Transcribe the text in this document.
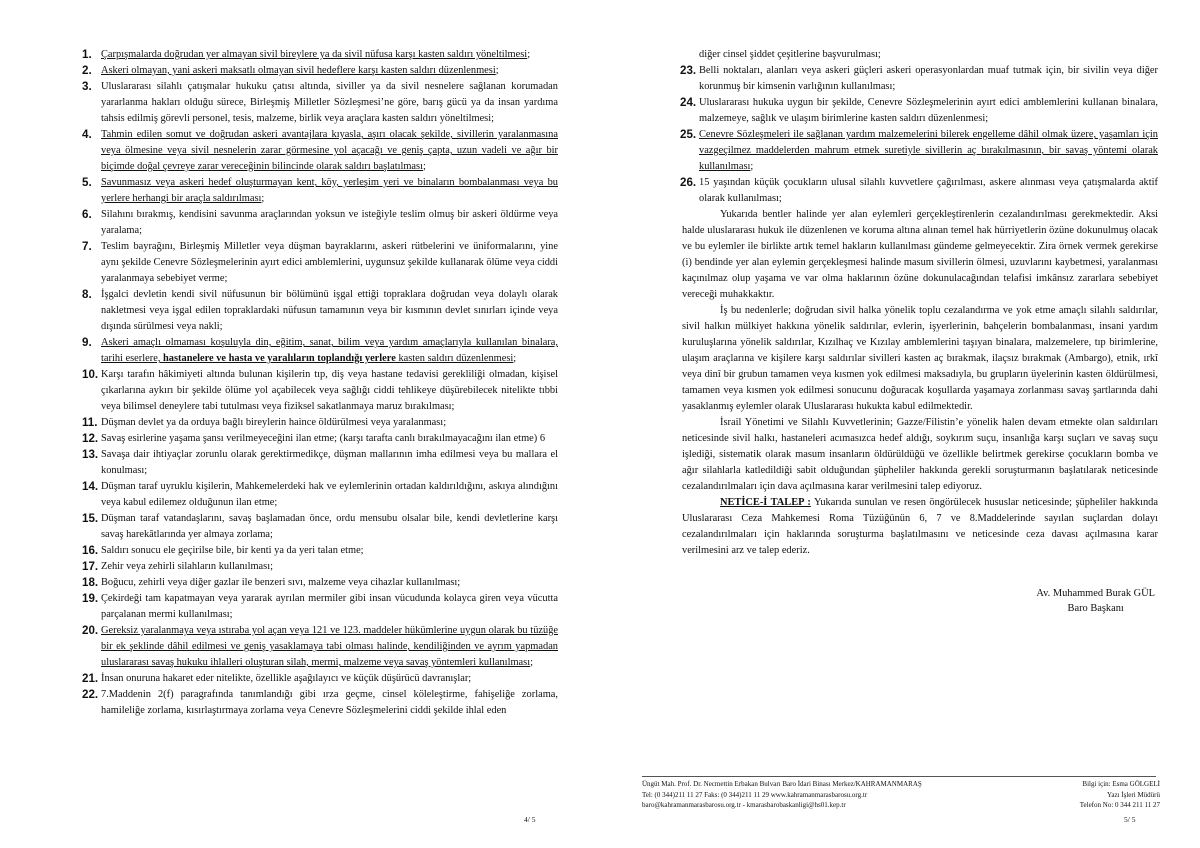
1. Çarpışmalarda doğrudan yer almayan sivil bireylere ya da sivil nüfusa karşı kasten saldırı yöneltilmesi;
2. Askeri olmayan, yani askeri maksatlı olmayan sivil hedeflere karşı kasten saldırı düzenlenmesi;
3. Uluslararası silahlı çatışmalar hukuku çatısı altında, siviller ya da sivil nesnelere sağlanan korumadan yararlanma hakları olduğu sürece, Birleşmiş Milletler Sözleşmesi’ne göre, barış gücü ya da insan yardıma tahsis edilmiş görevli personel, tesis, malzeme, birlik veya araçlara kasten saldırı yöneltilmesi;
4. Tahmin edilen somut ve doğrudan askeri avantajlara kıyasla, aşırı olacak şekilde, sivillerin yaralanmasına veya ölmesine veya sivil nesnelerin zarar görmesine yol açacağı ve geniş çapta, uzun vadeli ve ağır bir biçimde doğal çevreye zarar vereceğinin bilincinde olarak saldırı başlatılması;
5. Savunmasız veya askeri hedef oluşturmayan kent, köy, yerleşim yeri ve binaların bombalanması veya bu yerlere herhangi bir araçla saldırılması;
6. Silahını bırakmış, kendisini savunma araçlarından yoksun ve isteğiyle teslim olmuş bir askeri öldürme veya yaralama;
7. Teslim bayrağını, Birleşmiş Milletler veya düşman bayraklarını, askeri rütbelerini ve üniformalarını, yine aynı şekilde Cenevre Sözleşmelerinin ayırt edici amblemlerini, uygunsuz şekilde kullanarak ölüme veya ciddi yaralanmaya sebebiyet verme;
8. İşgalci devletin kendi sivil nüfusunun bir bölümünü işgal ettiği topraklara doğrudan veya dolaylı olarak nakletmesi veya işgal edilen topraklardaki nüfusun tamamının veya bir kısmının devlet sınırları içinde veya dışında sürülmesi veya nakli;
9. Askeri amaçlı olmaması koşuluyla din, eğitim, sanat, bilim veya yardım amaçlarıyla kullanılan binalara, tarihi eserlere, hastanelere ve hasta ve yaralıların toplandığı yerlere kasten saldırı düzenlenmesi;
10. Karşı tarafın hâkimiyeti altında bulunan kişilerin tıp, diş veya hastane tedavisi gerekliliği olmadan, kişisel çıkarlarına aykırı bir şekilde ölüme yol açabilecek veya sağlığı ciddi tehlikeye düşürebilecek nitelikte tıbbi veya bilimsel deneylere tabi tutulması veya fiziksel sakatlanmaya maruz bırakılması;
11. Düşman devlet ya da orduya bağlı bireylerin haince öldürülmesi veya yaralanması;
12. Savaş esirlerine yaşama şansı verilmeyeceğini ilan etme; (karşı tarafta canlı bırakılmayacağını ilan etme) 6
13. Savaşa dair ihtiyaçlar zorunlu olarak gerektirmedikçe, düşman mallarının imha edilmesi veya bu mallara el konulması;
14. Düşman taraf uyruklu kişilerin, Mahkemelerdeki hak ve eylemlerinin ortadan kaldırıldığını, askıya alındığını veya kabul edilemez olduğunun ilan etme;
15. Düşman taraf vatandaşlarını, savaş başlamadan önce, ordu mensubu olsalar bile, kendi devletlerine karşı savaş harekâtlarında yer almaya zorlama;
16. Saldırı sonucu ele geçirilse bile, bir kenti ya da yeri talan etme;
17. Zehir veya zehirli silahların kullanılması;
18. Boğucu, zehirli veya diğer gazlar ile benzeri sıvı, malzeme veya cihazlar kullanılması;
19. Çekirdeği tam kapatmayan veya yararak ayrılan mermiler gibi insan vücudunda kolayca giren veya vücutta parçalanan mermi kullanılması;
20. Gereksiz yaralanmaya veya ıstıraba yol açan veya 121 ve 123. maddeler hükümlerine uygun olarak bu tüzüğe bir ek şeklinde dâhil edilmesi ve geniş yasaklamaya tabi olması halinde, kendiliğinden ve ayrım yapmadan uluslararası savaş hukuku ihlalleri oluşturan silah, mermi, malzeme veya savaş yöntemleri kullanılması;
21. İnsan onuruna hakaret eder nitelikte, özellikle aşağılayıcı ve küçük düşürücü davranışlar;
22. 7.Maddenin 2(f) paragrafında tanımlandığı gibi ırza geçme, cinsel köleleştirme, fahişeliğe zorlama, hamileliğe zorlama, kısırlaştırmaya zorlama veya Cenevre Sözleşmelerini ciddi şekilde ihlal eden
4/ 5
diğer cinsel şiddet çeşitlerine başvurulması;
23. Belli noktaları, alanları veya askeri güçleri askeri operasyonlardan muaf tutmak için, bir sivilin veya diğer korunmuş bir kimsenin varlığının kullanılması;
24. Uluslararası hukuka uygun bir şekilde, Cenevre Sözleşmelerinin ayırt edici amblemlerini kullanan binalara, malzemeye, sağlık ve ulaşım birimlerine kasten saldırı düzenlenmesi;
25. Cenevre Sözleşmeleri ile sağlanan yardım malzemelerini bilerek engelleme dâhil olmak üzere, yaşamları için vazgeçilmez maddelerden mahrum etmek suretiyle sivillerin aç bırakılmasının, bir savaş yöntemi olarak kullanılması;
26. 15 yaşından küçük çocukların ulusal silahlı kuvvetlere çağırılması, askere alınması veya çatışmalarda aktif olarak kullanılması;

Yukarıda bentler halinde yer alan eylemleri gerçekleştirenlerin cezalandırılması gerekmektedir. Aksi halde uluslararası hukuk ile düzenlenen ve koruma altına alınan temel hak hürriyetlerin özüne dokunulmuş olacak ve bu eylemler ile birlikte artık temel hakların kullanılması gündeme gelmeyecektir. Zira örnek vermek gerekirse (i) bendinde yer alan eylemin gerçekleşmesi halinde masum sivillerin ölmesi, uzuvlarını kaybetmesi, yaralanması kaçınılmaz olup yaşama ve var olma haklarının özüne dokunulacağından telafisi imkânsız zararlara sebebiyet vereceği muhakkaktır.

İş bu nedenlerle; doğrudan sivil halka yönelik toplu cezalandırma ve yok etme amaçlı silahlı saldırılar, sivil halkın mülkiyet hakkına yönelik saldırılar, evlerin, işyerlerinin, bahçelerin bombalanması, insani yardım kuruluşlarına yönelik saldırılar, Kızılhaç ve Kızılay amblemlerini taşıyan binalara, malzemelere, tıp birimlerine, ulaşım araçlarına ve kişilere karşı saldırılar sivilleri kasten aç bırakmak, ilaçsız bırakmak (Ambargo), etnik, ırkî veya dinî bir grubun tamamen veya kısmen yok edilmesi maksadıyla, bu grupların üyelerinin kasten öldürülmesi, tamamen veya kısmen yok edilmesi sonucunu doğuracak koşullarda yaşamaya zorlanması savaş şartlarında dahi yasaklanmış eylemler olarak Uluslararası hukukta kabul edilmektedir.

İsrail Yönetimi ve Silahlı Kuvvetlerinin; Gazze/Filistin’e yönelik halen devam etmekte olan saldırıları neticesinde sivil halkı, hastaneleri acımasızca hedef aldığı, soykırım suçu, insanlığa karşı suçları ve savaş suçu işlediği, sistematik olarak masum insanların öldürüldüğü ve özellikle belirtmek gerekirse çocukların bomba ve ağır silahlarla katledildiği sabit olduğundan şüpheliler hakkında gerekli soruşturmanın başlatılarak neticesinde cezalandırılmaları için dava açılmasına karar verilmesini talep ediyoruz.

NETİCE-İ TALEP : Yukarıda sunulan ve resen öngörülecek hususlar neticesinde; şüpheliler hakkında Uluslararası Ceza Mahkemesi Roma Tüzüğünün 6, 7 ve 8.Maddelerinde sayılan suçlardan dolayı cezalandırılmaları için haklarında soruşturma başlatılmasını ve neticesinde ceza davası açılmasına karar verilmesini arz ve talep ederiz.

Av. Muhammed Burak GÜL
Baro Başkanı
Üngüt Mah. Prof. Dr. Necmettin Erbakan Bulvarı Baro İdari Binası Merkez/KAHRAMANMARAŞ
Tel: (0 344)211 11 27 Faks: (0 344)211 11 29 www.kahramanmarasbarosu.org.tr
baro@kahramanmarasbarosu.org.tr - kmarasbarobaskanligi@hs01.kep.tr
Bilgi için: Esma GÖLGELİ
Yazı İşleri Müdürü
Telefon No: 0 344 211 11 27
5/ 5
